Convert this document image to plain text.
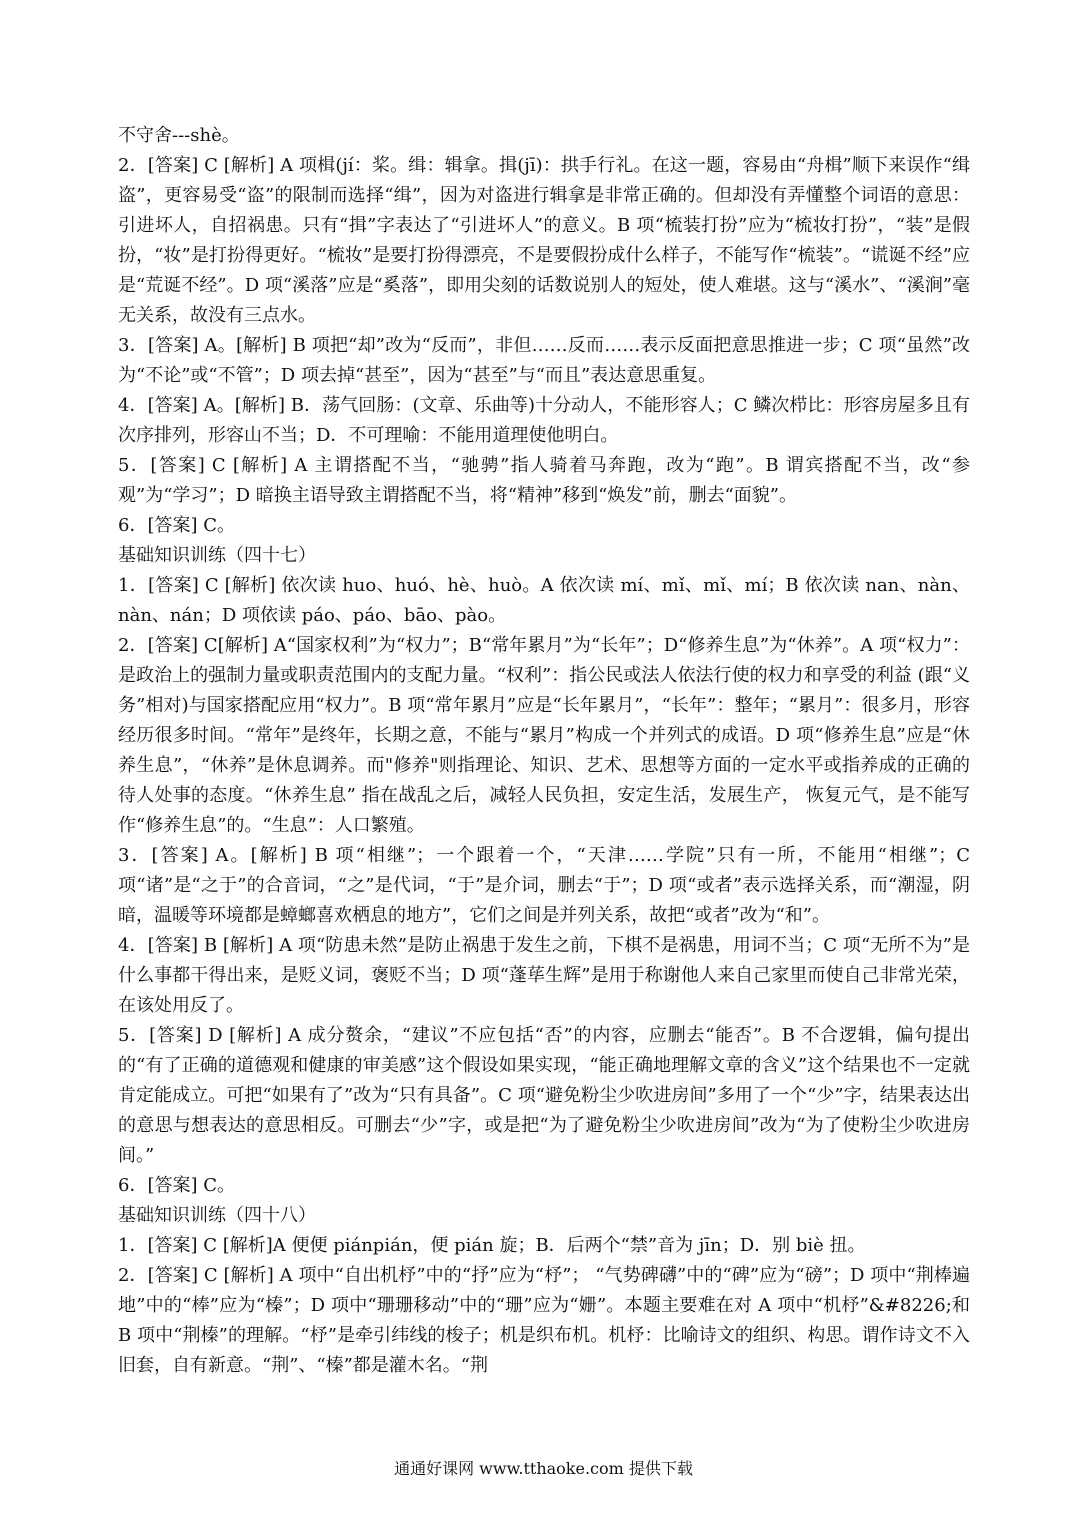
不守舍---shè。

2．[答案] C [解析] A 项楫(jí：桨。缉：辑拿。揖(jī)：拱手行礼。在这一题，容易由“舟楫”顺下来误作“缉盗”，更容易受“盗”的限制而选择“缉”，因为对盗进行辑拿是非常正确的。但却没有弄懂整个词语的意思：引进坏人，自招祸患。只有“揖”字表达了“引进坏人”的意义。B 项“梳装打扮”应为“梳妆打扮”，“装”是假扮，“妆”是打扮得更好。“梳妆”是要打扮得漂亮，不是要假扮成什么样子，不能写作“梳装”。“谎诞不经”应是“荒诞不经”。D 项“溪落”应是“奚落”，即用尖刻的话数说别人的短处，使人难堪。这与“溪水”、“溪涧”毫无关系，故没有三点水。

3．[答案] A。[解析] B 项把“却”改为“反而”，非但……反而……表示反面把意思推进一步；C 项“虽然”改为“不论”或“不管”；D 项去掉“甚至”，因为“甚至”与“而且”表达意思重复。

4．[答案] A。[解析] B．荡气回肠：(文章、乐曲等)十分动人，不能形容人；C 鳞次栉比：形容房屋多且有次序排列，形容山不当；D．不可理喻：不能用道理使他明白。

5．[答案] C [解析] A 主谓搭配不当，“驰骋”指人骑着马奔跑，改为“跑”。B 谓宾搭配不当，改“参观”为“学习”；D 暗换主语导致主谓搭配不当，将“精神”移到“焕发”前，删去“面貌”。

6．[答案] C。

基础知识训练（四十七）

1．[答案] C [解析] 依次读 huo、huó、hè、huò。A 依次读 mí、mǐ、mǐ、mí；B 依次读 nan、nàn、nàn、nán；D 项依读 páo、páo、bāo、pào。

2．[答案] C[解析] A“国家权利”为“权力”；B“常年累月”为“长年”；D“修养生息”为“休养”。A 项“权力”：是政治上的强制力量或职责范围内的支配力量。“权利”：指公民或法人依法行使的权力和享受的利益 (跟“义务”相对)与国家搭配应用“权力”。B 项“常年累月”应是“长年累月”，“长年”：整年；“累月”：很多月，形容经历很多时间。“常年”是终年，长期之意，不能与“累月”构成一个并列式的成语。D 项“修养生息”应是“休养生息”，“休养”是休息调养。而"修养"则指理论、知识、艺术、思想等方面的一定水平或指养成的正确的待人处事的态度。“休养生息” 指在战乱之后，减轻人民负担，安定生活，发展生产， 恢复元气，是不能写作“修养生息”的。“生息”：人口繁殖。

3．[答案] A。[解析] B 项“相继”；一个跟着一个，“天津……学院”只有一所，不能用“相继”；C 项“诸”是“之于”的合音词，“之”是代词，“于”是介词，删去“于”；D 项“或者”表示选择关系，而“潮湿，阴暗，温暖等环境都是蟑螂喜欢栖息的地方”，它们之间是并列关系，故把“或者”改为“和”。

4．[答案] B [解析] A 项“防患未然”是防止祸患于发生之前，下棋不是祸患，用词不当；C 项“无所不为”是什么事都干得出来，是贬义词，褒贬不当；D 项“蓬荜生辉”是用于称谢他人来自己家里而使自己非常光荣，在该处用反了。

5．[答案] D [解析] A 成分赘余，“建议”不应包括“否”的内容，应删去“能否”。B 不合逻辑，偏句提出的“有了正确的道德观和健康的审美感”这个假设如果实现，“能正确地理解文章的含义”这个结果也不一定就肯定能成立。可把“如果有了”改为“只有具备”。C 项“避免粉尘少吹进房间”多用了一个“少”字，结果表达出的意思与想表达的意思相反。可删去“少”字，或是把“为了避免粉尘少吹进房间”改为“为了使粉尘少吹进房间。”

6．[答案] C。

基础知识训练（四十八）

1．[答案] C [解析]A 便便 piánpián，便 pián 旋；B．后两个“禁”音为 jīn；D．别 biè 扭。

2．[答案] C [解析] A 项中“自出机杼”中的“抒”应为“杼”； “气势碑礴”中的“碑”应为“磅”；D 项中“荆棒遍地”中的“棒”应为“榛”；D 项中“珊珊移动”中的“珊”应为“姗”。本题主要难在对 A 项中“机杼”&#8226;和 B 项中“荆榛”的理解。“杼”是牵引纬线的梭子；机是织布机。机杼：比喻诗文的组织、构思。谓作诗文不入旧套，自有新意。“荆”、“榛”都是灌木名。“荆

通通好课网 www.tthaoke.com 提供下载
